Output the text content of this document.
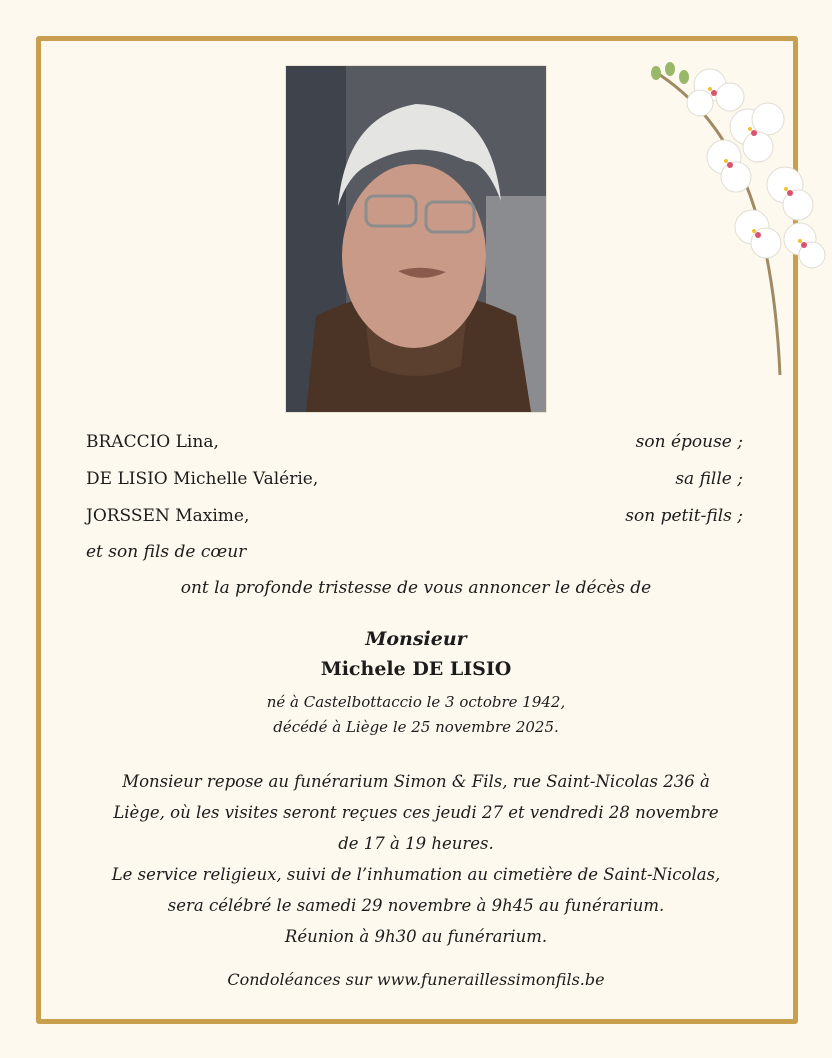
BRACCIO Lina,	son épouse ;
DE LISIO Michelle Valérie,	sa fille ;
JORSSEN Maxime,	son petit-fils ;
et son fils de cœur
ont la profonde tristesse de vous annoncer le décès de
Monsieur
Michele DE LISIO
né à Castelbottaccio le 3 octobre 1942,
décédé à Liège le 25 novembre 2025.
Monsieur repose au funérarium Simon & Fils, rue Saint-Nicolas 236 à
Liège, où les visites seront reçues ces jeudi 27 et vendredi 28 novembre
de 17 à 19 heures.
Le service religieux, suivi de l’inhumation au cimetière de Saint-Nicolas,
sera célébré le samedi 29 novembre à 9h45 au funérarium.
Réunion à 9h30 au funérarium.
Condoléances sur www.funeraillessimonfils.be
